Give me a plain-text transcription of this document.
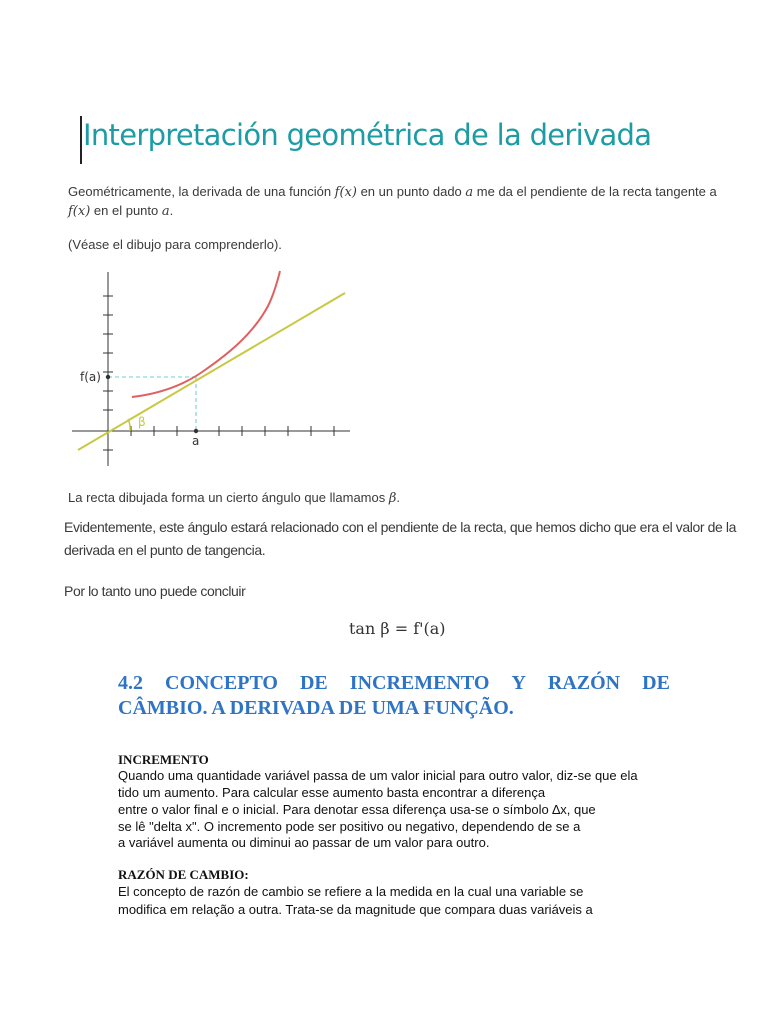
Interpretación geométrica de la derivada
Geométricamente, la derivada de una función f(x) en un punto dado a me da el pendiente de la recta tangente a
f(x) en el punto a.
(Véase el dibujo para comprenderlo).
β
f(a)
a
La recta dibujada forma un cierto ángulo que llamamos β.
Evidentemente, este ángulo estará relacionado con el pendiente de la recta, que hemos dicho que era el valor de la
derivada en el punto de tangencia.
Por lo tanto uno puede concluir
tan β = f'(a)
4.2 CONCEPTO DE INCREMENTO Y RAZÓN DE
CÂMBIO. A DERIVADA DE UMA FUNÇÃO.
INCREMENTO
Quando uma quantidade variável passa de um valor inicial para outro valor, diz-se que ela
tido um aumento. Para calcular esse aumento basta encontrar a diferença
entre o valor final e o inicial. Para denotar essa diferença usa-se o símbolo ∆x, que
se lê "delta x". O incremento pode ser positivo ou negativo, dependendo de se a
a variável aumenta ou diminui ao passar de um valor para outro.
RAZÓN DE CAMBIO:
El concepto de razón de cambio se refiere a la medida en la cual una variable se
modifica em relação a outra. Trata-se da magnitude que compara duas variáveis a
